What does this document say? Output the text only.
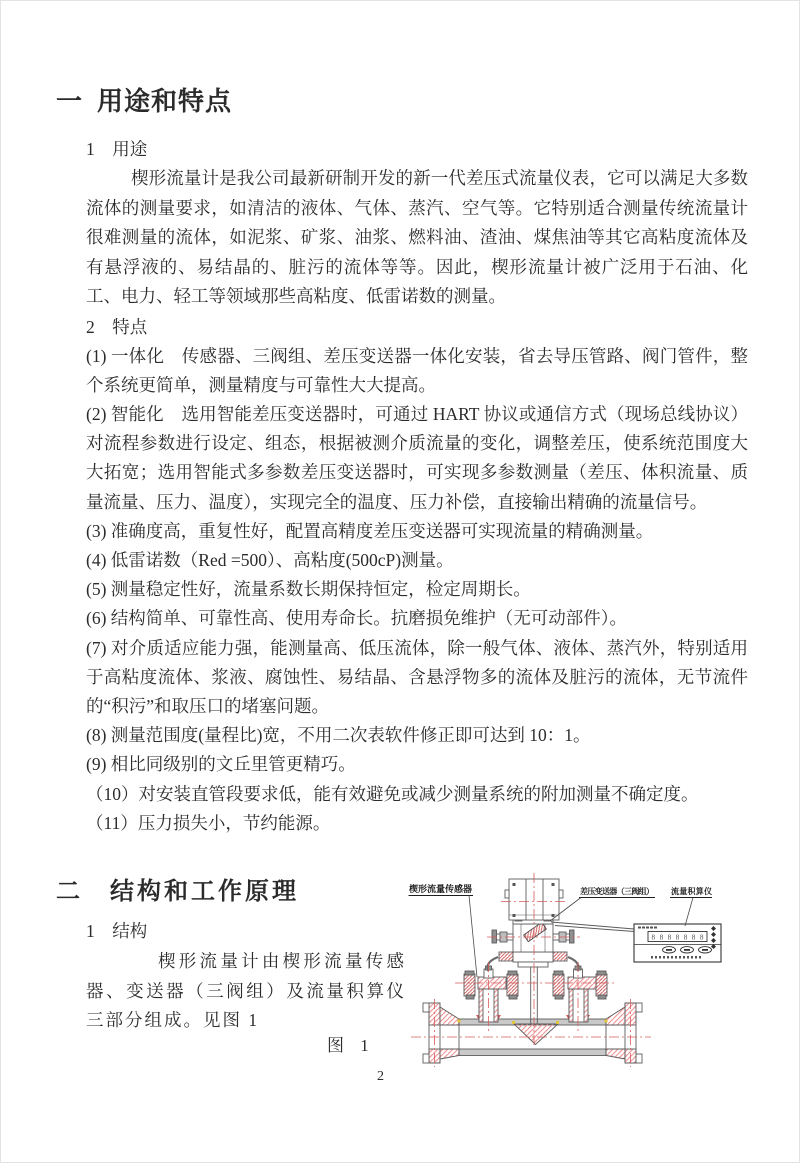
一 用途和特点
1 用途

楔形流量计是我公司最新研制开发的新一代差压式流量仪表，它可以满足大多数流体的测量要求，如清洁的液体、气体、蒸汽、空气等。它特别适合测量传统流量计很难测量的流体，如泥浆、矿浆、油浆、燃料油、渣油、煤焦油等其它高粘度流体及有悬浮液的、易结晶的、脏污的流体等等。因此，楔形流量计被广泛用于石油、化工、电力、轻工等领域那些高粘度、低雷诺数的测量。

2 特点

(1) 一体化　传感器、三阀组、差压变送器一体化安装，省去导压管路、阀门管件，整个系统更简单，测量精度与可靠性大大提高。

(2) 智能化　选用智能差压变送器时，可通过 HART 协议或通信方式（现场总线协议）对流程参数进行设定、组态，根据被测介质流量的变化，调整差压，使系统范围度大大拓宽；选用智能式多参数差压变送器时，可实现多参数测量（差压、体积流量、质量流量、压力、温度），实现完全的温度、压力补偿，直接输出精确的流量信号。

(3) 准确度高，重复性好，配置高精度差压变送器可实现流量的精确测量。

(4) 低雷诺数（Red =500）、高粘度(500cP)测量。

(5) 测量稳定性好，流量系数长期保持恒定，检定周期长。

(6) 结构简单、可靠性高、使用寿命长。抗磨损免维护（无可动部件）。

(7) 对介质适应能力强，能测量高、低压流体，除一般气体、液体、蒸汽外，特别适用于高粘度流体、浆液、腐蚀性、易结晶、含悬浮物多的流体及脏污的流体，无节流件的“积污”和取压口的堵塞问题。

(8) 测量范围度(量程比)宽，不用二次表软件修正即可达到 10：1。

(9) 相比同级别的文丘里管更精巧。

（10）对安装直管段要求低，能有效避免或减少测量系统的附加测量不确定度。

（11）压力损失小，节约能源。

二 结构和工作原理
1 结构
楔形流量计由楔形流量传感器、变送器（三阀组）及流量积算仪三部分组成。见图 1
图 1
2
8 8 8 8 8 8 8
楔形流量传感器	差压变送器（三阀组） 流量积算仪
